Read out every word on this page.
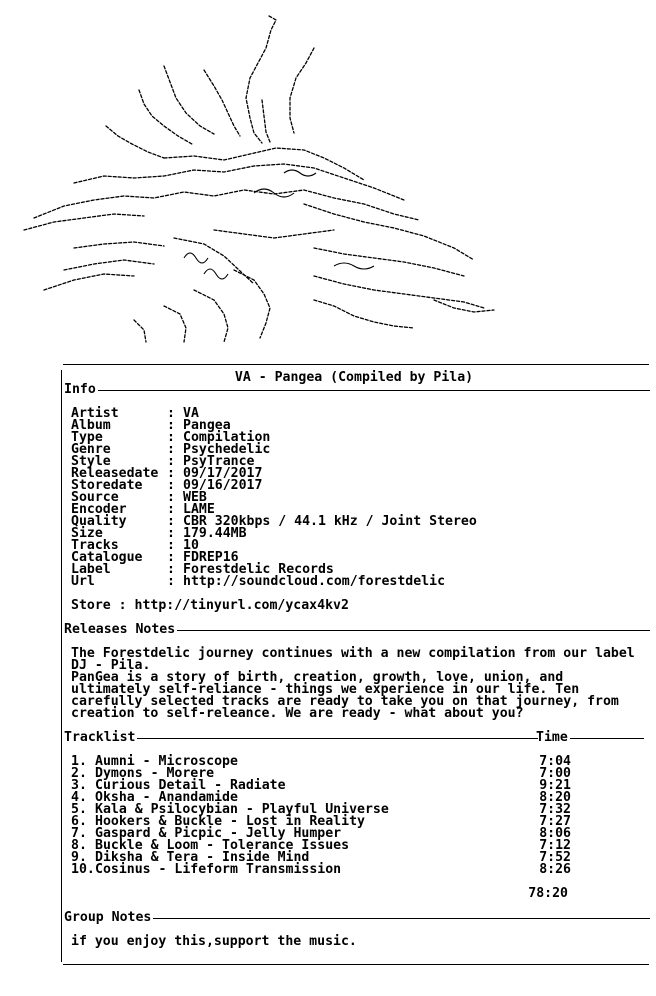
VA - Pangea (Compiled by Pila)
Info
Artist	: VA
Album	: Pangea
Type	: Compilation
Genre	: Psychedelic
Style	: PsyTrance
Releasedate : 09/17/2017
Storedate	: 09/16/2017
Source	: WEB
Encoder	: LAME
Quality	: CBR 320kbps / 44.1 kHz / Joint Stereo
Size	: 179.44MB
Tracks	: 10
Catalogue	: FDREP16
Label	: Forestdelic Records
Url	: http://soundcloud.com/forestdelic
Store : http://tinyurl.com/ycax4kv2
Releases Notes
The Forestdelic journey continues with a new compilation from our label
DJ - Pila.
PanGea is a story of birth, creation, growth, love, union, and
ultimately self-reliance - things we experience in our life. Ten
carefully selected tracks are ready to take you on that journey, from
creation to self-releance. We are ready - what about you?
Tracklist

	Time

1. Aumni - Microscope	7:04
2. Dymons - Morere	7:00
3. Curious Detail - Radiate	9:21
4. Oksha - Anandamide	8:20
5. Kala & Psilocybian - Playful Universe	7:32
6. Hookers & Buckle - Lost in Reality	7:27
7. Gaspard & Picpic - Jelly Humper	8:06
8. Buckle & Loom - Tolerance Issues	7:12
9. Diksha & Tera - Inside Mind	7:52
10. Cosinus - Lifeform Transmission	8:26
78:20
Group Notes
if you enjoy this,support the music.
